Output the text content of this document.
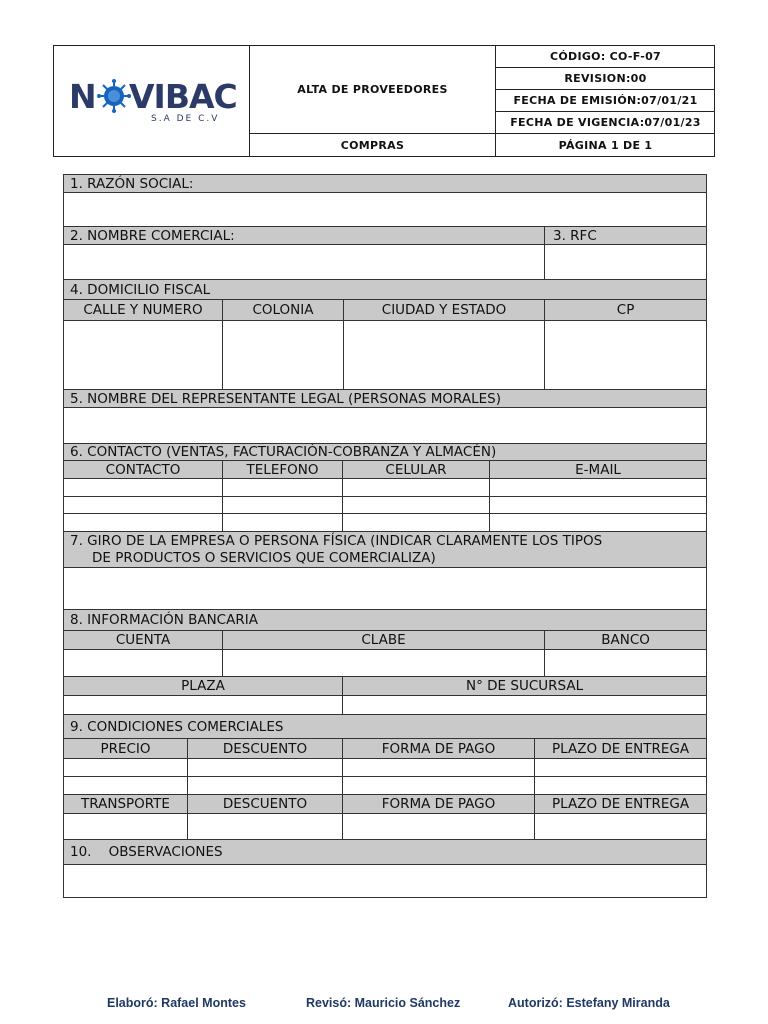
N VIBAC
S.A DE C.V
ALTA DE PROVEEDORES
COMPRAS
CÓDIGO: CO-F-07
REVISION:00
FECHA DE EMISIÓN:07/01/21
FECHA DE VIGENCIA:07/01/23
PÁGINA 1 DE 1
1. RAZÓN SOCIAL:						

2. NOMBRE COMERCIAL:						3. RFC

4. DOMICILIO FISCAL						
CALLE Y NUMERO		COLONIA	CIUDAD Y ESTADO			CP

5. NOMBRE DEL REPRESENTANTE LEGAL (PERSONAS MORALES)						

6. CONTACTO (VENTAS, FACTURACIÓN-COBRANZA Y ALMACÉN)						
CONTACTO		TELEFONO	CELULAR	E-MAIL		

7. GIRO DE LA EMPRESA O PERSONA FÍSICA (INDICAR CLARAMENTE LOS TIPOS
DE PRODUCTOS O SERVICIOS QUE COMERCIALIZA)						

8. INFORMACIÓN BANCARIA						
CUENTA		CLABE				BANCO

PLAZA			N° DE SUCURSAL			

9. CONDICIONES COMERCIALES						
PRECIO	DESCUENTO		FORMA DE PAGO		PLAZO DE ENTREGA	

TRANSPORTE	DESCUENTO		FORMA DE PAGO		PLAZO DE ENTREGA	

10.    OBSERVACIONES						

Elaboró: Rafael Montes	Revisó: Mauricio Sánchez	Autorizó: Estefany Miranda
